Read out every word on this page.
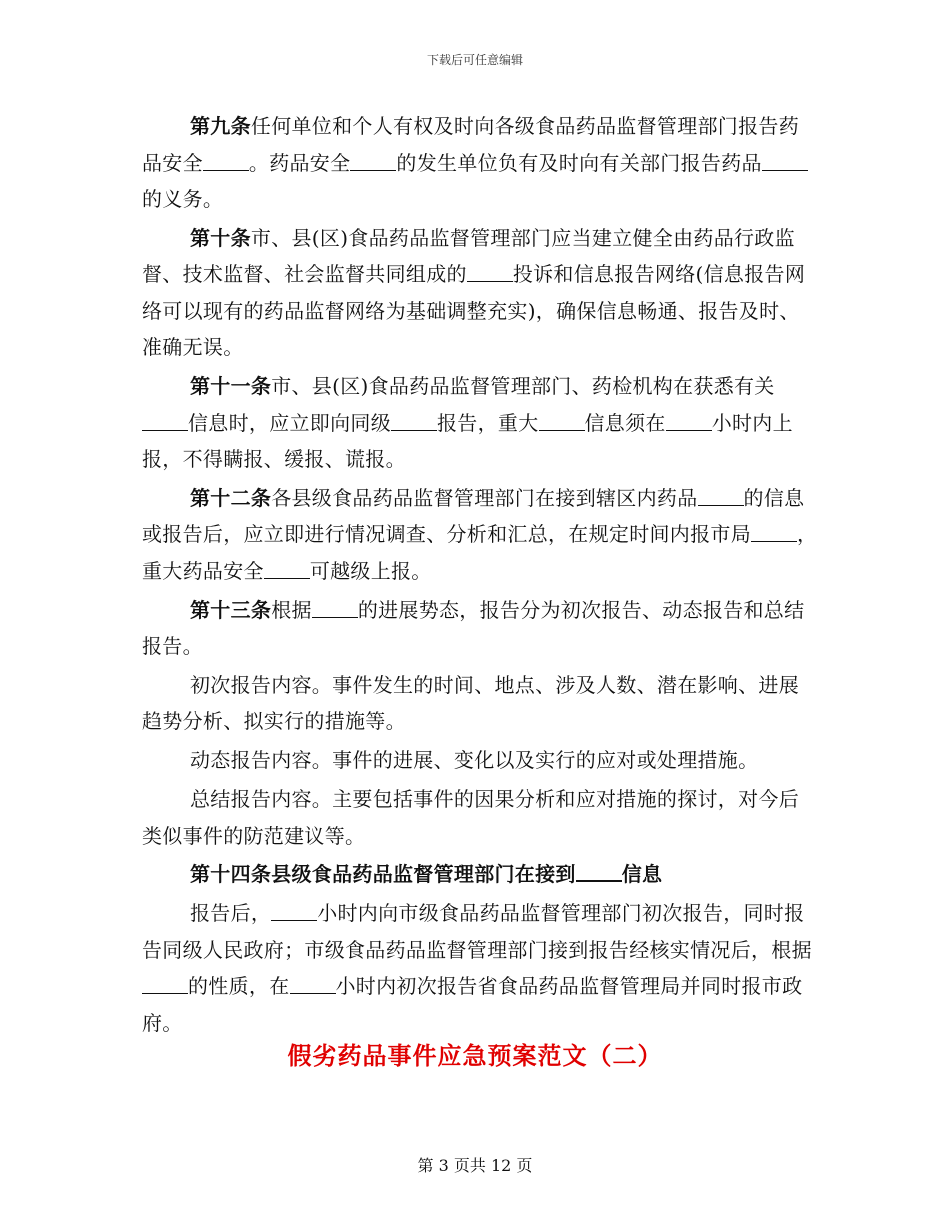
下载后可任意编辑

第九条任何单位和个人有权及时向各级食品药品监督管理部门报告药品安全 。药品安全 的发生单位负有及时向有关部门报告药品的义务。

第十条市、县(区)食品药品监督管理部门应当建立健全由药品行政监督、技术监督、社会监督共同组成的 投诉和信息报告网络(信息报告网络可以现有的药品监督网络为基础调整充实)，确保信息畅通、报告及时、准确无误。

第十一条市、县(区)食品药品监督管理部门、药检机构在获悉有关信息时，应立即向同级 报告，重大 信息须在 小时内上报，不得瞒报、缓报、谎报。

第十二条各县级食品药品监督管理部门在接到辖区内药品 的信息或报告后，应立即进行情况调查、分析和汇总，在规定时间内报市局 ，重大药品安全 可越级上报。

第十三条根据 的进展势态，报告分为初次报告、动态报告和总结报告。

初次报告内容。事件发生的时间、地点、涉及人数、潜在影响、进展趋势分析、拟实行的措施等。

动态报告内容。事件的进展、变化以及实行的应对或处理措施。

总结报告内容。主要包括事件的因果分析和应对措施的探讨，对今后类似事件的防范建议等。

第十四条县级食品药品监督管理部门在接到 信息

报告后， 小时内向市级食品药品监督管理部门初次报告，同时报告同级人民政府；市级食品药品监督管理部门接到报告经核实情况后，根据的性质，在 小时内初次报告省食品药品监督管理局并同时报市政府。

假劣药品事件应急预案范文（二）
第 3 页共 12 页
